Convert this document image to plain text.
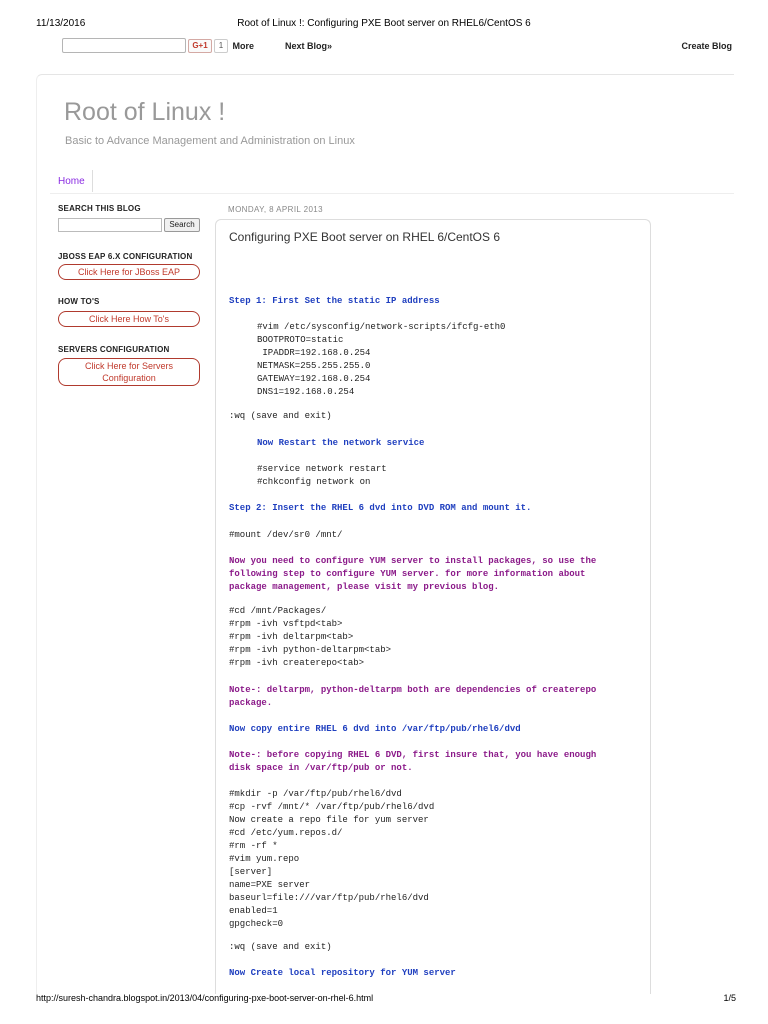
11/13/2016	Root of Linux !: Configuring PXE Boot server on RHEL6/CentOS 6
G+1	1	More	Next Blog»	Create Blog
Root of Linux !
Basic to Advance Management and Administration on Linux
Home
SEARCH THIS BLOG
Search
JBOSS EAP 6.X CONFIGURATION
Click Here for JBoss EAP
HOW TO'S
Click Here How To's
SERVERS CONFIGURATION
Click Here for Servers Configuration
MONDAY, 8 APRIL 2013
Configuring PXE Boot server on RHEL 6/CentOS 6
Step 1: First Set the static IP address
#vim /etc/sysconfig/network-scripts/ifcfg-eth0
BOOTPROTO=static
IPADDR=192.168.0.254
NETMASK=255.255.255.0
GATEWAY=192.168.0.254
DNS1=192.168.0.254
:wq (save and exit)
Now Restart the network service
#service network restart
#chkconfig network on
Step 2: Insert the RHEL 6 dvd into DVD ROM and mount it.
#mount /dev/sr0 /mnt/
Now you need to configure YUM server to install packages, so use the
following step to configure YUM server. for more information about
package management, please visit my previous blog.
#cd /mnt/Packages/
#rpm -ivh vsftpd<tab>
#rpm -ivh deltarpm<tab>
#rpm -ivh python-deltarpm<tab>
#rpm -ivh createrepo<tab>
Note-: deltarpm, python-deltarpm both are dependencies of createrepo
package.
Now copy entire RHEL 6 dvd into /var/ftp/pub/rhel6/dvd
Note-: before copying RHEL 6 DVD, first insure that, you have enough
disk space in /var/ftp/pub or not.
#mkdir -p /var/ftp/pub/rhel6/dvd
#cp -rvf /mnt/* /var/ftp/pub/rhel6/dvd
Now create a repo file for yum server
#cd /etc/yum.repos.d/
#rm -rf *
#vim yum.repo
[server]
name=PXE server
baseurl=file:///var/ftp/pub/rhel6/dvd
enabled=1
gpgcheck=0
:wq (save and exit)
Now Create local repository for YUM server
http://suresh-chandra.blogspot.in/2013/04/configuring-pxe-boot-server-on-rhel-6.html	1/5
